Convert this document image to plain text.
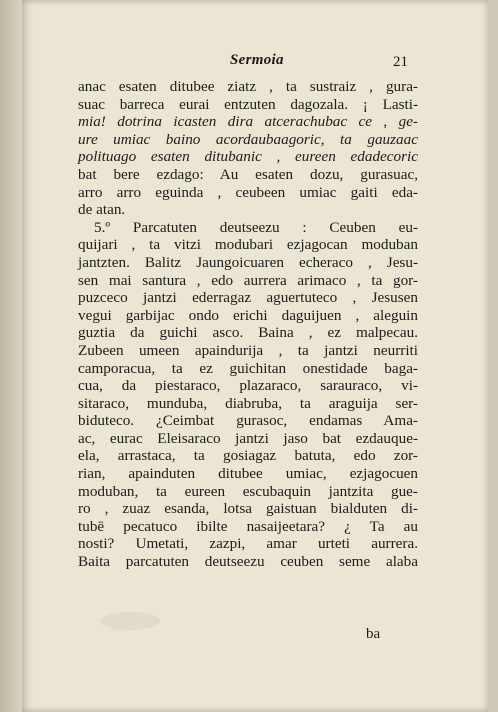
Sermoia	21
anac esaten ditubee ziatz , ta sustraiz , gura-
suac barreca eurai entzuten dagozala. ¡ Lasti-
mia! dotrina icasten dira atcerachubac ce , ge-
ure umiac baino acordaubaagoric, ta gauzaac
polituago esaten ditubanic , eureen edadecoric
bat bere ezdago: Au esaten dozu, gurasuac,
arro arro eguinda , ceubeen umiac gaiti eda-
de atan.
5.º Parcatuten deutseezu : Ceuben eu-
quijari , ta vitzi modubari ezjagocan moduban
jantzten. Balitz Jaungoicuaren echeraco , Jesu-
sen mai santura , edo aurrera arimaco , ta gor-
puzceco jantzi ederragaz aguertuteco , Jesusen
vegui garbijac ondo erichi daguijuen , aleguin
guztia da guichi asco. Baina , ez malpecau.
Zubeen umeen apaindurija , ta jantzi neurriti
camporacua, ta ez guichitan onestidade baga-
cua, da piestaraco, plazaraco, sarauraco, vi-
sitaraco, munduba, diabruba, ta araguija ser-
biduteco. ¿Ceimbat gurasoc, endamas Ama-
ac, eurac Eleisaraco jantzi jaso bat ezdauque-
ela, arrastaca, ta gosiagaz batuta, edo zor-
rian, apainduten ditubee umiac, ezjagocuen
moduban, ta eureen escubaquin jantzita gue-
ro , zuaz esanda, lotsa gaistuan bialduten di-
tubē pecatuco ibilte nasaijeetara? ¿ Ta au
nosti? Umetati, zazpi, amar urteti aurrera.
Baita parcatuten deutseezu ceuben seme alaba
ba
